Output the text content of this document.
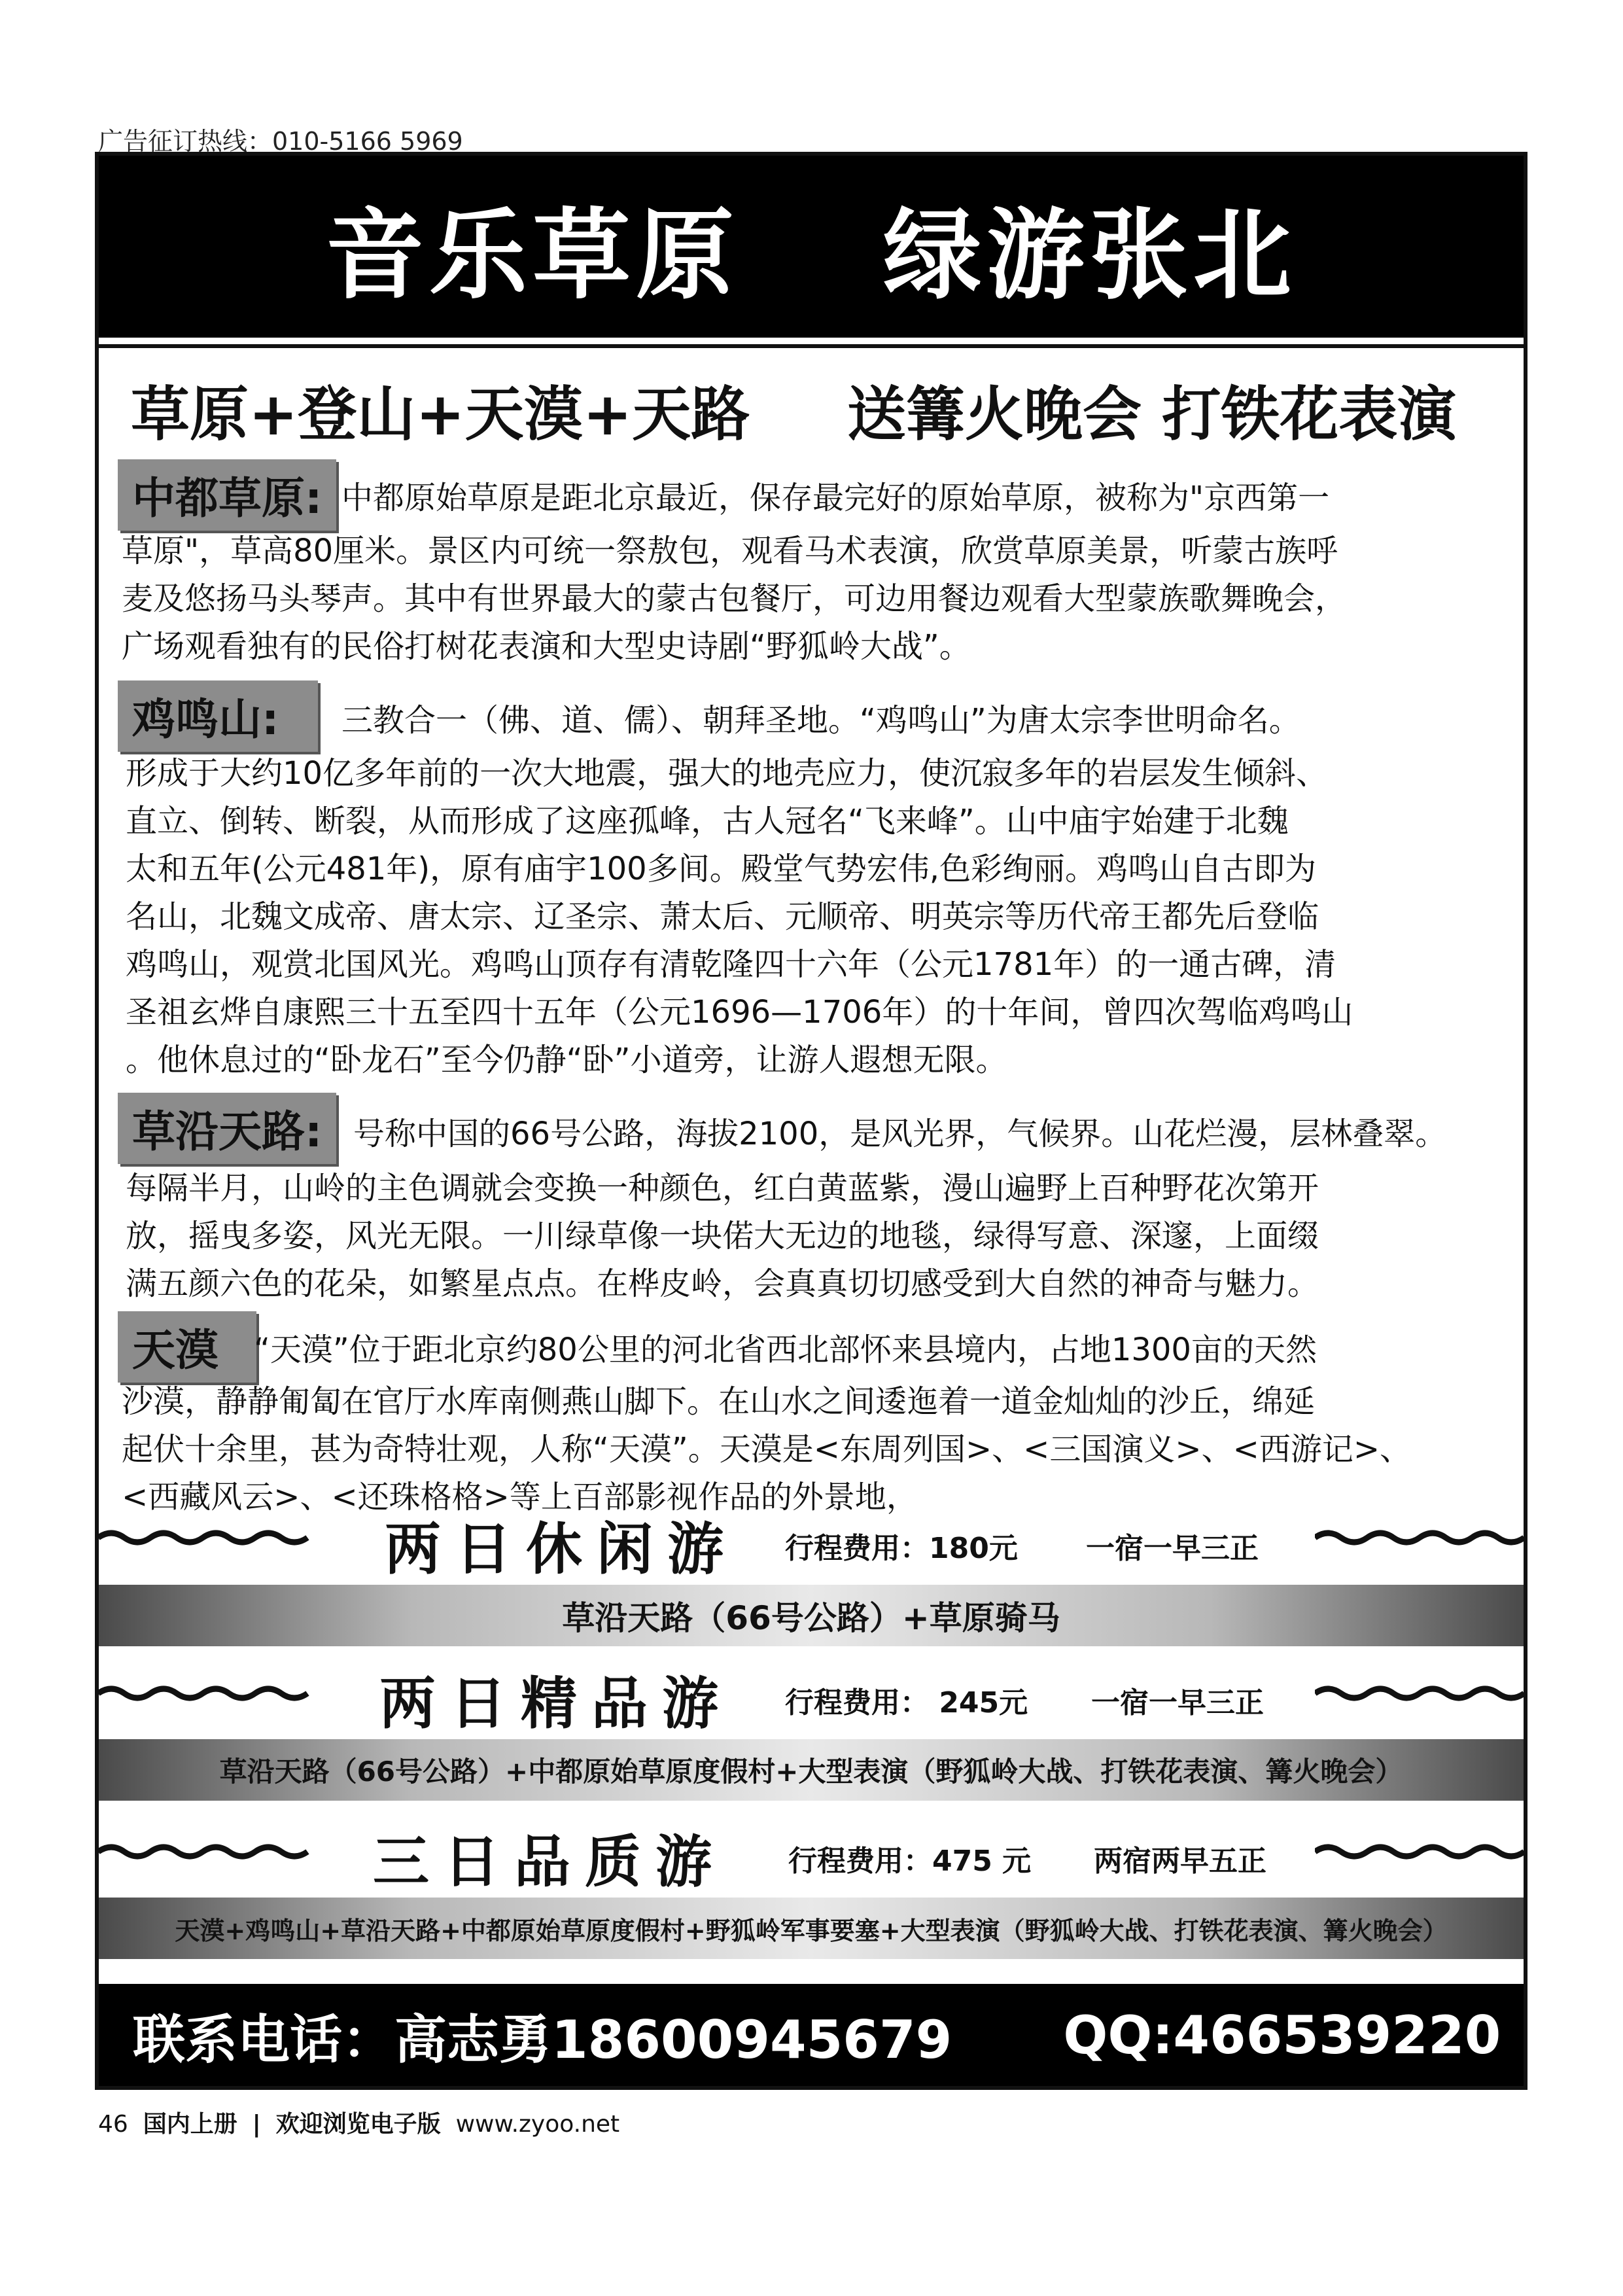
广告征订热线：010-5166 5969
音乐草原 绿游张北
草原+登山+天漠+天路 送篝火晚会 打铁花表演
中都草原: 中都原始草原是距北京最近，保存最完好的原始草原，被称为"京西第一
草原"，草高80厘米。景区内可统一祭敖包，观看马术表演，欣赏草原美景，听蒙古族呼
麦及悠扬马头琴声。其中有世界最大的蒙古包餐厅，可边用餐边观看大型蒙族歌舞晚会，
广场观看独有的民俗打树花表演和大型史诗剧“野狐岭大战”。
鸡鸣山:	三教合一（佛、道、儒）、朝拜圣地。“鸡鸣山”为唐太宗李世明命名。
形成于大约10亿多年前的一次大地震，强大的地壳应力，使沉寂多年的岩层发生倾斜、
直立、倒转、断裂，从而形成了这座孤峰，古人冠名“飞来峰”。山中庙宇始建于北魏
太和五年(公元481年)，原有庙宇100多间。殿堂气势宏伟,色彩绚丽。鸡鸣山自古即为
名山，北魏文成帝、唐太宗、辽圣宗、萧太后、元顺帝、明英宗等历代帝王都先后登临
鸡鸣山，观赏北国风光。鸡鸣山顶存有清乾隆四十六年（公元1781年）的一通古碑，清
圣祖玄烨自康熙三十五至四十五年（公元1696—1706年）的十年间，曾四次驾临鸡鸣山
。他休息过的“卧龙石”至今仍静“卧”小道旁，让游人遐想无限。
草沿天路: 号称中国的66号公路，海拔2100，是风光界，气候界。山花烂漫，层林叠翠。
每隔半月，山岭的主色调就会变换一种颜色，红白黄蓝紫，漫山遍野上百种野花次第开
放，摇曳多姿，风光无限。一川绿草像一块偌大无边的地毯，绿得写意、深邃，上面缀
满五颜六色的花朵，如繁星点点。在桦皮岭，会真真切切感受到大自然的神奇与魅力。
天漠	“天漠”位于距北京约80公里的河北省西北部怀来县境内，占地1300亩的天然
沙漠，静静匍匐在官厅水库南侧燕山脚下。在山水之间逶迤着一道金灿灿的沙丘，绵延
起伏十余里，甚为奇特壮观，人称“天漠”。天漠是<东周列国>、<三国演义>、<西游记>、
<西藏风云>、<还珠格格>等上百部影视作品的外景地，
两日休闲游 行程费用：180元 一宿一早三正
草沿天路（66号公路）+草原骑马
两日精品游 行程费用： 245元 一宿一早三正
草沿天路（66号公路）+中都原始草原度假村+大型表演（野狐岭大战、打铁花表演、篝火晚会）
三日品质游 行程费用：475 元 两宿两早五正
天漠+鸡鸣山+草沿天路+中都原始草原度假村+野狐岭军事要塞+大型表演（野狐岭大战、打铁花表演、篝火晚会）
联系电话：高志勇18600945679 QQ:466539220
46 国内上册 | 欢迎浏览电子版 www.zyoo.net
